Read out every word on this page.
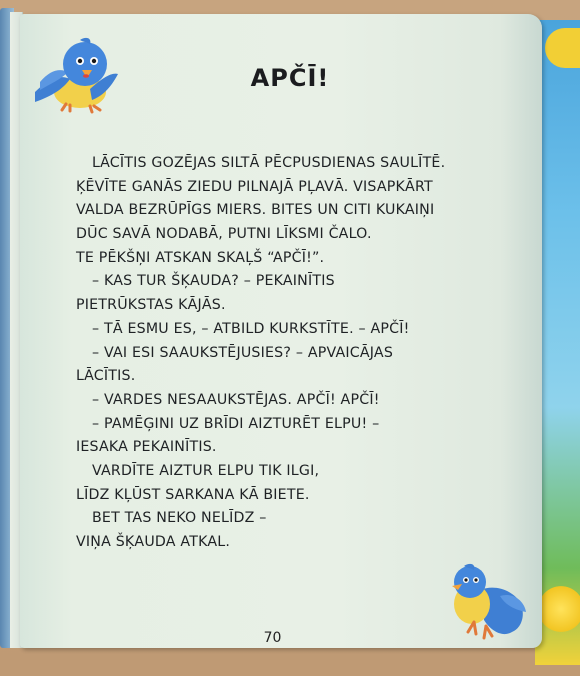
APČĪ!
LĀCĪTIS GOZĒJAS SILTĀ PĒCPUSDIENAS SAULĪTĒ.
ĶĒVĪTE GANĀS ZIEDU PILNAJĀ PĻAVĀ. VISAPKĀRT
VALDA BEZRŪPĪGS MIERS. BITES UN CITI KUKAIŅI
DŪC SAVĀ NODABĀ, PUTNI LĪKSMI ČALO.
TE PĒKŠŅI ATSKAN SKAĻŠ “APČĪ!”.
– KAS TUR ŠĶAUDA? – PEKAINĪTIS
PIETRŪKSTAS KĀJĀS.
– TĀ ESMU ES, – ATBILD KURKSTĪTE. – APČĪ!
– VAI ESI SAAUKSTĒJUSIES? – APVAICĀJAS
LĀCĪTIS.
– VARDES NESAAUKSTĒJAS. APČĪ! APČĪ!
– PAMĒĢINI UZ BRĪDI AIZTURĒT ELPU! –
IESAKA PEKAINĪTIS.
VARDĪTE AIZTUR ELPU TIK ILGI,
LĪDZ KĻŪST SARKANA KĀ BIETE.
BET TAS NEKO NELĪDZ –
VIŅA ŠĶAUDA ATKAL.
70
